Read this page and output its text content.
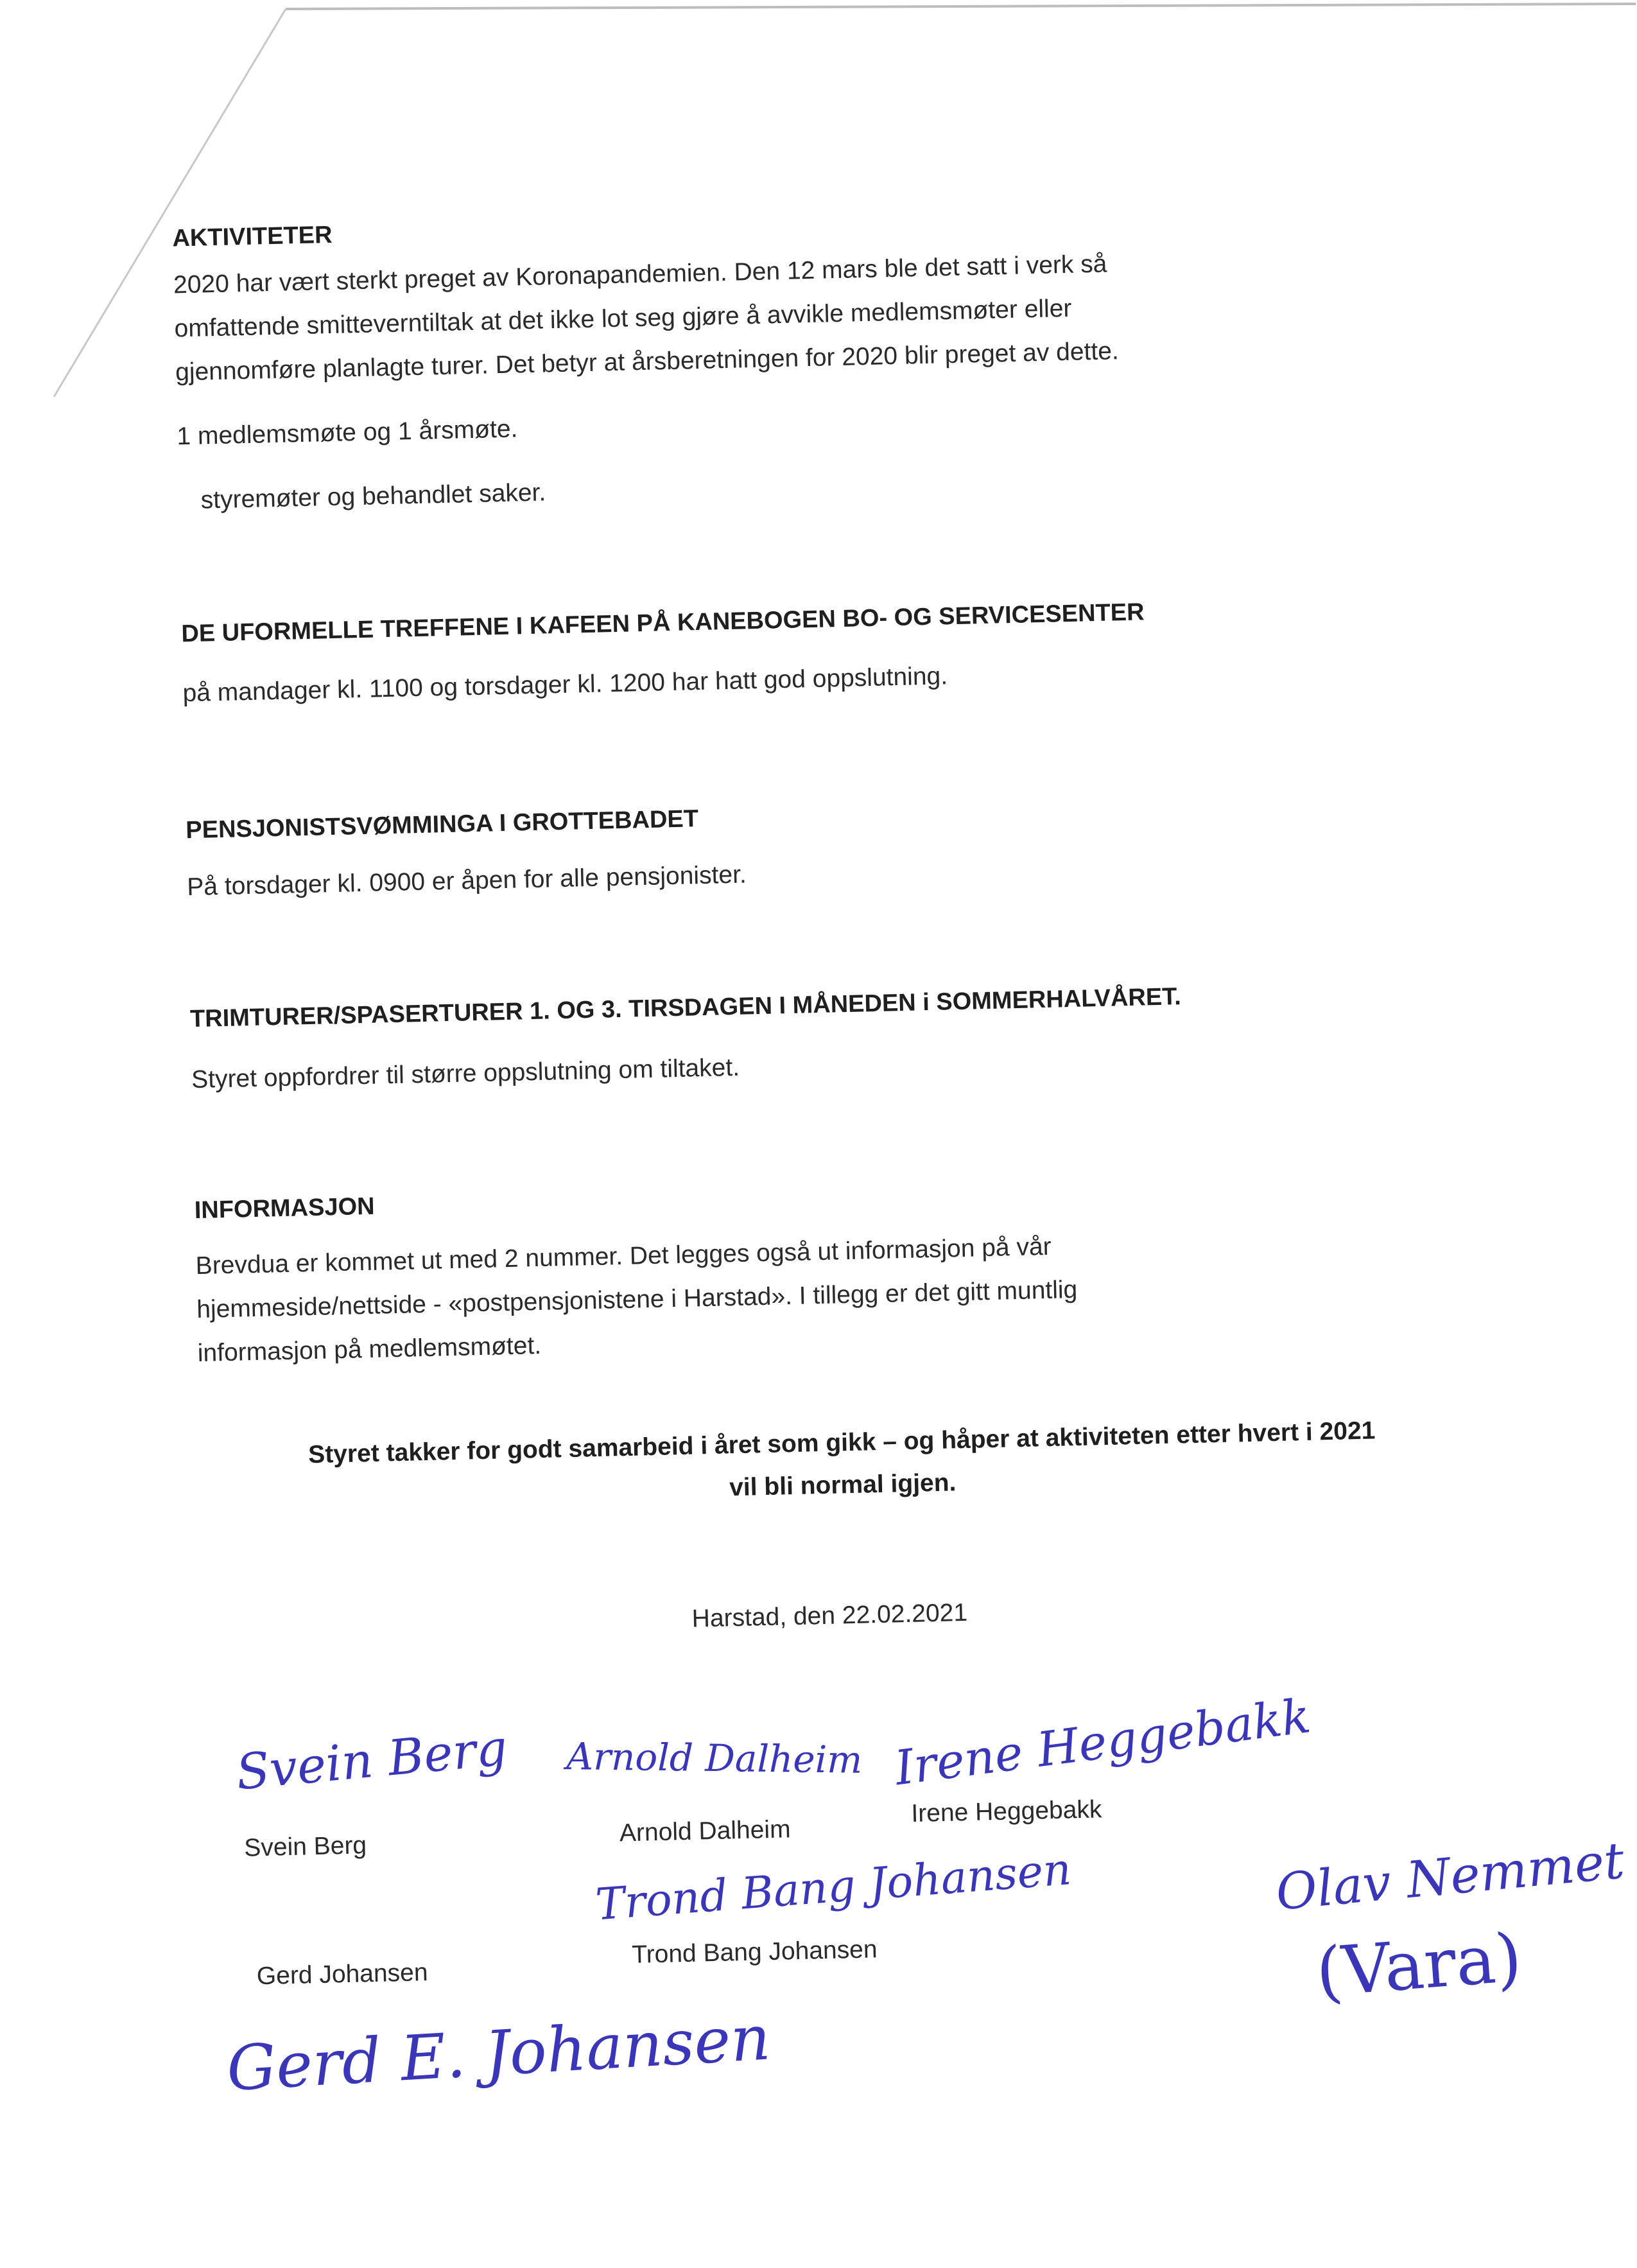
AKTIVITETER

2020 har vært sterkt preget av Koronapandemien. Den 12 mars ble det satt i verk så

omfattende smitteverntiltak at det ikke lot seg gjøre å avvikle medlemsmøter eller

gjennomføre planlagte turer. Det betyr at årsberetningen for 2020 blir preget av dette.

1 medlemsmøte og 1 årsmøte.

styremøter og behandlet saker.

DE UFORMELLE TREFFENE I KAFEEN PÅ KANEBOGEN BO- OG SERVICESENTER

på mandager kl. 1100 og torsdager kl. 1200 har hatt god oppslutning.

PENSJONISTSVØMMINGA I GROTTEBADET

På torsdager kl. 0900 er åpen for alle pensjonister.

TRIMTURER/SPASERTURER 1. OG 3. TIRSDAGEN I MÅNEDEN i SOMMERHALVÅRET.

Styret oppfordrer til større oppslutning om tiltaket.

INFORMASJON

Brevdua er kommet ut med 2 nummer. Det legges også ut informasjon på vår

hjemmeside/nettside - «postpensjonistene i Harstad». I tillegg er det gitt muntlig

informasjon på medlemsmøtet.

Styret takker for godt samarbeid i året som gikk – og håper at aktiviteten etter hvert i 2021
vil bli normal igjen.

Harstad, den 22.02.2021

Svein Berg

Svein Berg

Arnold Dalheim

Arnold Dalheim

Irene Heggebakk

Irene Heggebakk

Trond Bang Johansen

Trond Bang Johansen

Gerd Johansen

Gerd E. Johansen

Olav Nemmet

(Vara)
